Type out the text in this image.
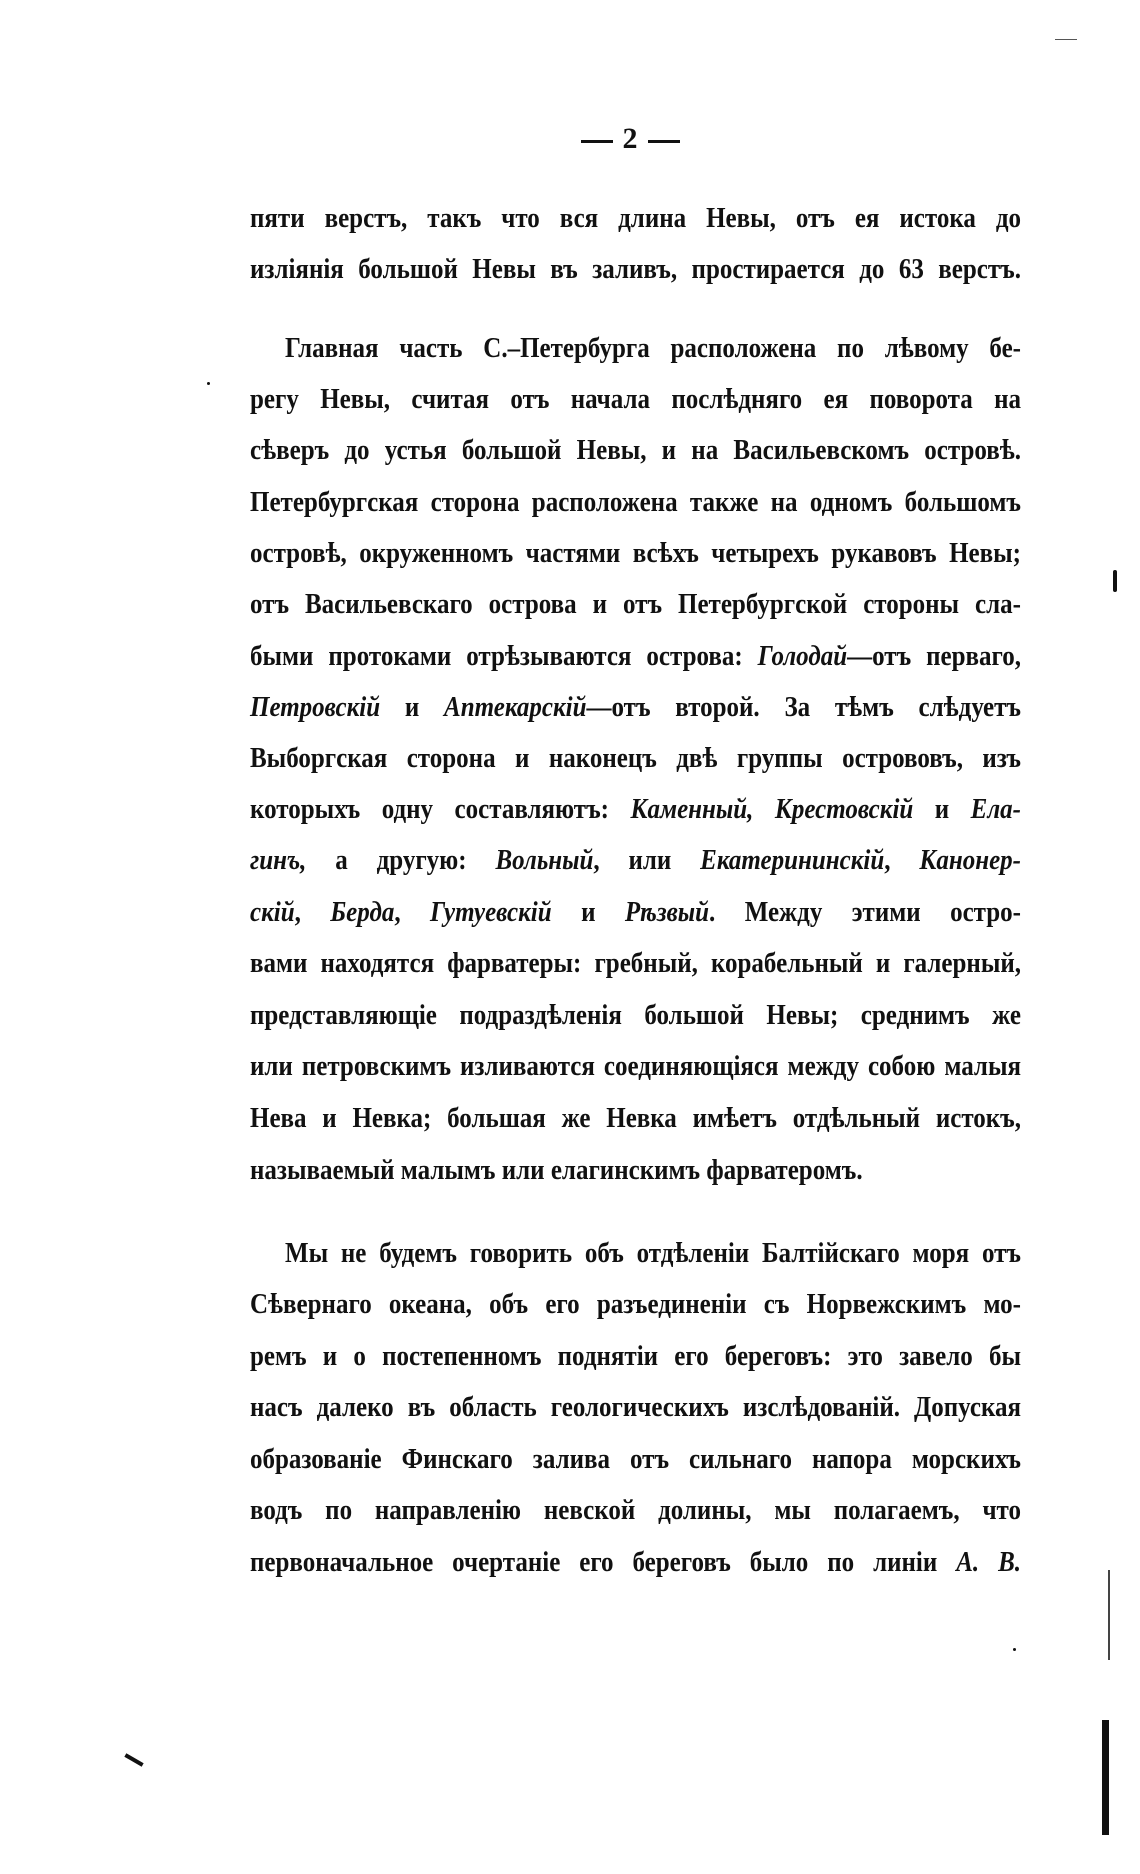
2
пяти верстъ, такъ что вся длина Невы, отъ ея истока до
изліянія большой Невы въ заливъ, простирается до 63 верстъ.
Главная часть С.–Петербурга расположена по лѣвому бе-
регу Невы, считая отъ начала послѣдняго ея поворота на
сѣверъ до устья большой Невы, и на Васильевскомъ островѣ.
Петербургская сторона расположена также на одномъ большомъ
островѣ, окруженномъ частями всѣхъ четырехъ рукавовъ Невы;
отъ Васильевскаго острова и отъ Петербургской стороны сла-
быми протоками отрѣзываются острова: Голодай—отъ перваго,
Петровскій и Аптекарскій—отъ второй. За тѣмъ слѣдуетъ
Выборгская сторона и наконецъ двѣ группы острововъ, изъ
которыхъ одну составляютъ: Каменный, Крестовскій и Ела-
гинъ, а другую: Вольный, или Екатерининскій, Канонер-
скій, Берда, Гутуевскій и Рѣзвый. Между этими остро-
вами находятся фарватеры: гребный, корабельный и галерный,
представляющіе подраздѣленія большой Невы; среднимъ же
или петровскимъ изливаются соединяющіяся между собою малыя
Нева и Невка; большая же Невка имѣетъ отдѣльный истокъ,
называемый малымъ или елагинскимъ фарватеромъ.
Мы не будемъ говорить объ отдѣленіи Балтійскаго моря отъ
Сѣвернаго океана, объ его разъединеніи съ Норвежскимъ мо-
ремъ и о постепенномъ поднятіи его береговъ: это завело бы
насъ далеко въ область геологическихъ изслѣдованій. Допуская
образованіе Финскаго залива отъ сильнаго напора морскихъ
водъ по направленію невской долины, мы полагаемъ, что
первоначальное очертаніе его береговъ было по линіи A. B.
